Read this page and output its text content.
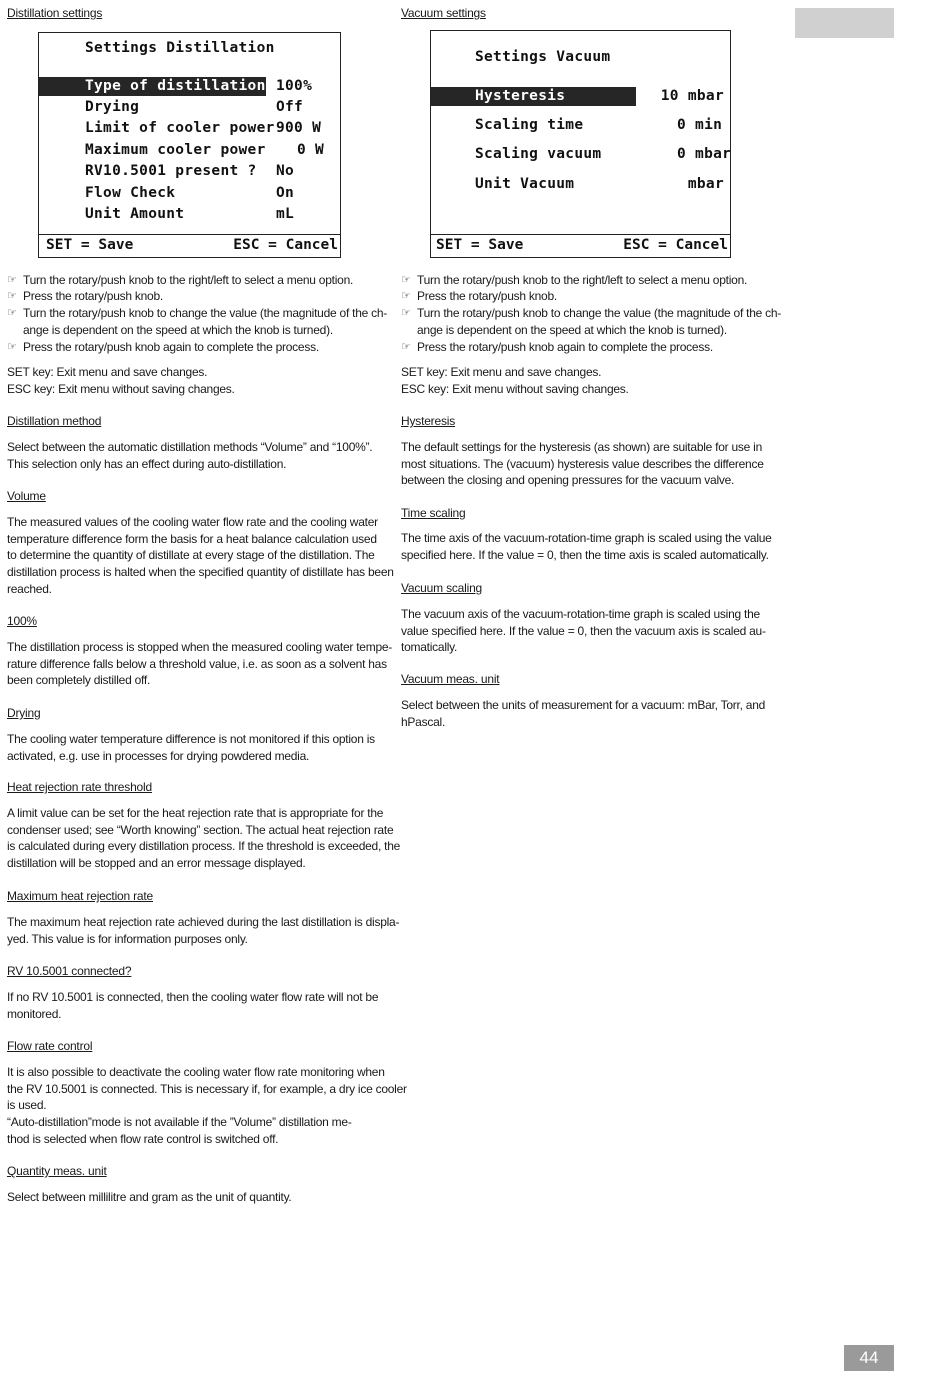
Distillation settings
Settings Distillation
Type of distillation 100%
Drying	Off
Limit of cooler power 900 W
Maximum cooler power 0 W
RV10.5001 present ? No
Flow Check	On
Unit Amount	mL
SET = Save	ESC = Cancel
☞ Turn the rotary/push knob to the right/left to select a menu option.
☞ Press the rotary/push knob.
☞ Turn the rotary/push knob to change the value (the magnitude of the ch-
ange is dependent on the speed at which the knob is turned).
☞ Press the rotary/push knob again to complete the process.
SET key: Exit menu and save changes.
ESC key: Exit menu without saving changes.
Distillation method
Select between the automatic distillation methods “Volume” and “100%”.
This selection only has an effect during auto-distillation.
Volume
The measured values of the cooling water flow rate and the cooling water
temperature difference form the basis for a heat balance calculation used
to determine the quantity of distillate at every stage of the distillation. The
distillation process is halted when the specified quantity of distillate has been
reached.
100%
The distillation process is stopped when the measured cooling water tempe-
rature difference falls below a threshold value, i.e. as soon as a solvent has
been completely distilled off.
Drying
The cooling water temperature difference is not monitored if this option is
activated, e.g. use in processes for drying powdered media.
Heat rejection rate threshold
A limit value can be set for the heat rejection rate that is appropriate for the
condenser used; see “Worth knowing” section. The actual heat rejection rate
is calculated during every distillation process. If the threshold is exceeded, the
distillation will be stopped and an error message displayed.
Maximum heat rejection rate
The maximum heat rejection rate achieved during the last distillation is displa-
yed. This value is for information purposes only.
RV 10.5001 connected?
If no RV 10.5001 is connected, then the cooling water flow rate will not be
monitored.
Flow rate control
It is also possible to deactivate the cooling water flow rate monitoring when
the RV 10.5001 is connected. This is necessary if, for example, a dry ice cooler
is used.
“Auto-distillation”mode is not available if the ”Volume” distillation me-
thod is selected when flow rate control is switched off.
Quantity meas. unit
Select between millilitre and gram as the unit of quantity.
Vacuum settings
Settings Vacuum
Hysteresis	10 mbar
Scaling time	0 min
Scaling vacuum	0 mbar
Unit Vacuum	mbar
SET = Save	ESC = Cancel
☞ Turn the rotary/push knob to the right/left to select a menu option.
☞ Press the rotary/push knob.
☞ Turn the rotary/push knob to change the value (the magnitude of the ch-
ange is dependent on the speed at which the knob is turned).
☞ Press the rotary/push knob again to complete the process.
SET key: Exit menu and save changes.
ESC key: Exit menu without saving changes.
Hysteresis
The default settings for the hysteresis (as shown) are suitable for use in
most situations. The (vacuum) hysteresis value describes the difference
between the closing and opening pressures for the vacuum valve.
Time scaling
The time axis of the vacuum-rotation-time graph is scaled using the value
specified here. If the value = 0, then the time axis is scaled automatically.
Vacuum scaling
The vacuum axis of the vacuum-rotation-time graph is scaled using the
value specified here. If the value = 0, then the vacuum axis is scaled au-
tomatically.
Vacuum meas. unit
Select between the units of measurement for a vacuum: mBar, Torr, and
hPascal.
44
